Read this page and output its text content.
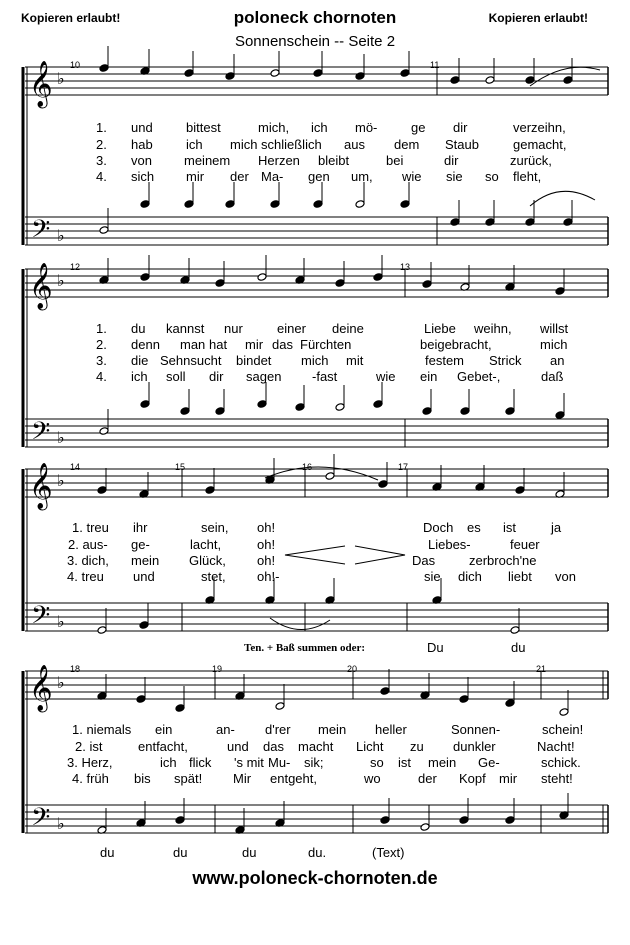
Kopieren erlaubt!	Kopieren erlaubt!
poloneck chornoten
Sonnenschein -- Seite 2
𝄞
𝄢
♭
♭
𝄞
𝄢
♭
♭
𝄞
𝄢
♭
♭
𝄞
𝄢
♭
♭
10	11
1. und	bittest	mich, ich mö-	ge dir	verzeihn,
2. hab	ich mich schließlich aus dem Staub	gemacht,
3. von meinem Herzen bleibt	bei	dir	zurück,
4. sich mir der Ma- gen um, wie sie so fleht,
12	13
1. du kannst nur	einer deine	Liebe weihn, willst
2. denn man hat mir das Fürchten	beigebracht,	mich
3. die Sehnsucht bindet mich mit	festem Strick an
4. ich soll dir sagen -fast	wie ein Gebet-,	daß
14	15	16	17
1. treu ihr	sein, oh!	Doch es ist	ja
2. aus- ge-	lacht,	oh!	Liebes-	feuer
3. dich, mein Glück, oh!	Das	zerbroch'ne
4. treu und	stet, oh!-	sie dich liebt von
Ten. + Baß summen oder:	Du	du
18	19	20	21
1. niemals ein	an- d'rer mein heller	Sonnen-	schein!
2. ist	entfacht,	und das macht Licht zu dunkler	Nacht!
3. Herz,	ich flick 's mit Mu- sik;	so ist mein Ge-	schick.
4. früh bis spät! Mir entgeht,	wo	der Kopf mir steht!
du	du	du	du.	(Text)
www.poloneck-chornoten.de
